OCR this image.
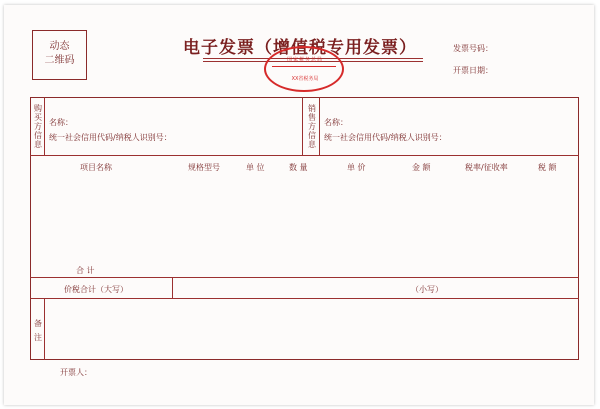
动态
二维码
电子发票（增值税专用发票）
国家税务总局
XX省税务局
发票号码：
开票日期：
购
买
方
信
息
名称：
统一社会信用代码/纳税人识别号：
销
售
方
信
息
名称：
统一社会信用代码/纳税人识别号：
项目名称	规格型号	单 位	数 量	单 价	金 额	税率/征收率	税 额
合 计
价税合计（大写）	（小写）
备
注
开票人：
